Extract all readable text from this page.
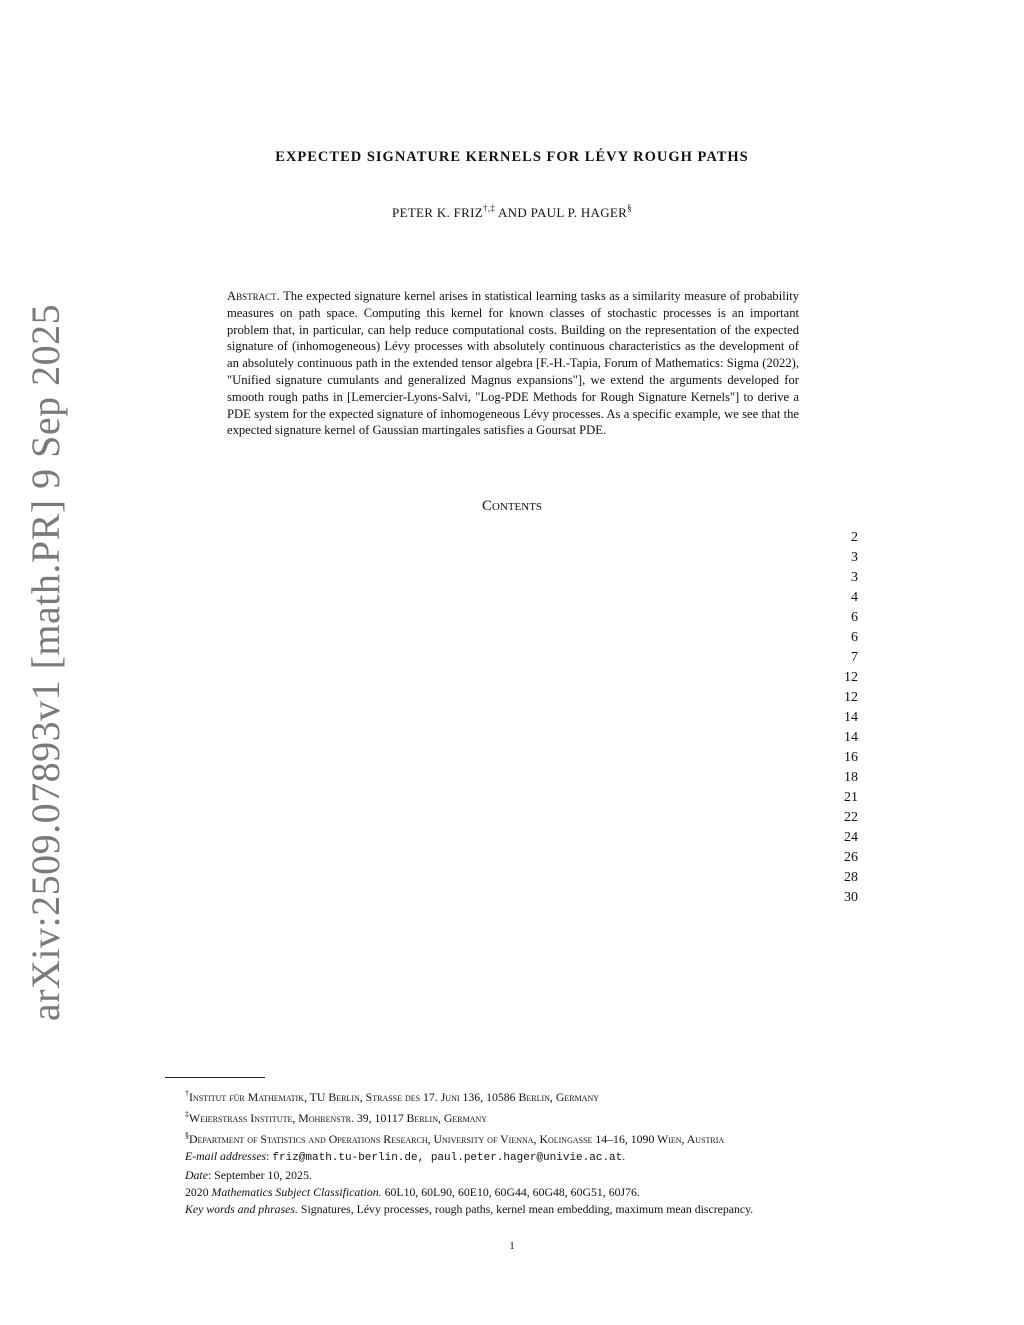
arXiv:2509.07893v1 [math.PR] 9 Sep 2025
EXPECTED SIGNATURE KERNELS FOR LÉVY ROUGH PATHS
PETER K. FRIZ†,‡ AND PAUL P. HAGER§
Abstract. The expected signature kernel arises in statistical learning tasks as a similarity measure of probability measures on path space. Computing this kernel for known classes of stochastic processes is an important problem that, in particular, can help reduce computational costs. Building on the representation of the expected signature of (inhomogeneous) Lévy processes with absolutely continuous characteristics as the development of an absolutely continuous path in the extended tensor algebra [F.-H.-Tapia, Forum of Mathematics: Sigma (2022), "Unified signature cumulants and generalized Magnus expansions"], we extend the arguments developed for smooth rough paths in [Lemercier-Lyons-Salvi, "Log-PDE Methods for Rough Signature Kernels"] to derive a PDE system for the expected signature of inhomogeneous Lévy processes. As a specific example, we see that the expected signature kernel of Gaussian martingales satisfies a Goursat PDE.
Contents
2
3
3
4
6
6
7
12
12
14
14
16
18
21
22
24
26
28
30

†Institut für Mathematik, TU Berlin, Strasse des 17. Juni 136, 10586 Berlin, Germany

‡Weierstrass Institute, Mohrenstr. 39, 10117 Berlin, Germany

§Department of Statistics and Operations Research, University of Vienna, Kolingasse 14–16, 1090 Wien, Austria

E-mail addresses: friz@math.tu-berlin.de, paul.peter.hager@univie.ac.at.

Date: September 10, 2025.

2020 Mathematics Subject Classification. 60L10, 60L90, 60E10, 60G44, 60G48, 60G51, 60J76.

Key words and phrases. Signatures, Lévy processes, rough paths, kernel mean embedding, maximum mean discrepancy.

1
